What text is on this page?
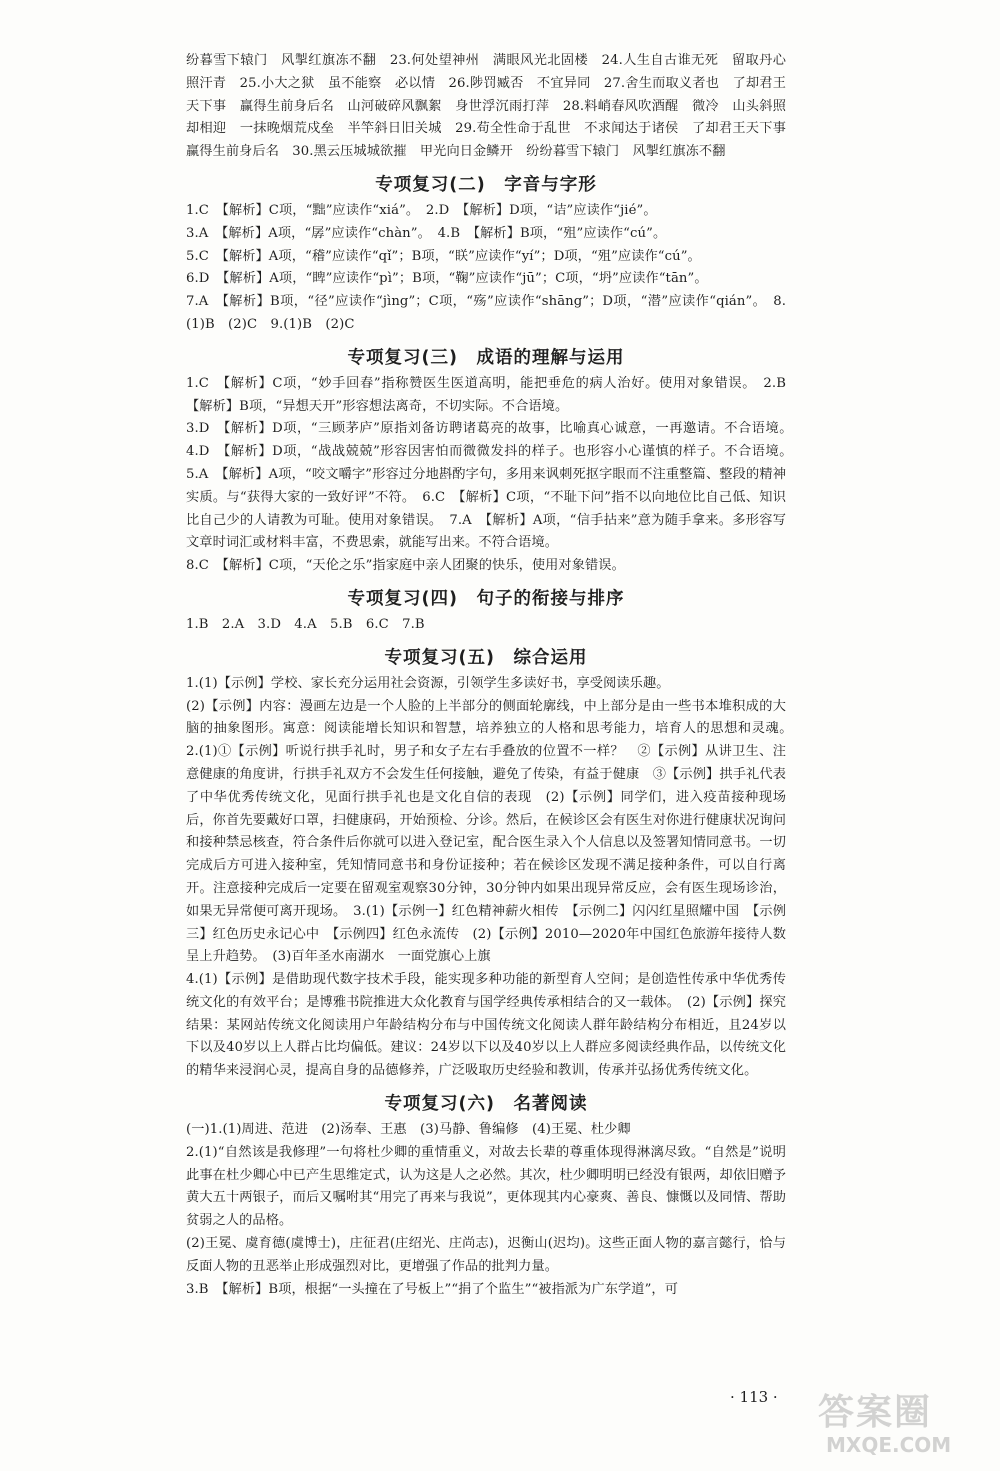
纷暮雪下辕门　风掣红旗冻不翻　23.何处望神州　满眼风光北固楼　24.人生自古谁无死　留取丹心照汗青　25.小大之狱　虽不能察　必以情　26.陟罚臧否　不宜异同　27.舍生而取义者也　了却君王天下事　赢得生前身后名　山河破碎风飘絮　身世浮沉雨打萍　28.料峭春风吹酒醒　微冷　山头斜照却相迎　一抹晚烟荒戍垒　半竿斜日旧关城　29.苟全性命于乱世　不求闻达于诸侯　了却君王天下事　赢得生前身后名　30.黑云压城城欲摧　甲光向日金鳞开　纷纷暮雪下辕门　风掣红旗冻不翻

专项复习(二)　字音与字形

1.C　【解析】C项，“黜”应读作“xiá”。　2.D　【解析】D项，“诘”应读作“jié”。

3.A　【解析】A项，“孱”应读作“chàn”。　4.B　【解析】B项，“殂”应读作“cú”。

5.C　【解析】A项，“稽”应读作“qǐ”；B项，“眹”应读作“yí”；D项，“殂”应读作“cú”。

6.D　【解析】A项，“睥”应读作“pì”；B项，“鞠”应读作“jū”；C项，“坍”应读作“tān”。

7.A　【解析】B项，“径”应读作“jìng”；C项，“殇”应读作“shāng”；D项，“潜”应读作“qián”。　8.(1)B　(2)C　9.(1)B　(2)C

专项复习(三)　成语的理解与运用

1.C　【解析】C项，“妙手回春”指称赞医生医道高明，能把垂危的病人治好。使用对象错误。　2.B　【解析】B项，“异想天开”形容想法离奇，不切实际。不合语境。

3.D　【解析】D项，“三顾茅庐”原指刘备访聘诸葛亮的故事，比喻真心诚意，一再邀请。不合语境。　4.D　【解析】D项，“战战兢兢”形容因害怕而微微发抖的样子。也形容小心谨慎的样子。不合语境。　5.A　【解析】A项，“咬文嚼字”形容过分地斟酌字句，多用来讽刺死抠字眼而不注重整篇、整段的精神实质。与“获得大家的一致好评”不符。　6.C　【解析】C项，“不耻下问”指不以向地位比自己低、知识比自己少的人请教为可耻。使用对象错误。　7.A　【解析】A项，“信手拈来”意为随手拿来。多形容写文章时词汇或材料丰富，不费思索，就能写出来。不符合语境。

8.C　【解析】C项，“天伦之乐”指家庭中亲人团聚的快乐，使用对象错误。

专项复习(四)　句子的衔接与排序

1.B　2.A　3.D　4.A　5.B　6.C　7.B

专项复习(五)　综合运用

1.(1)【示例】学校、家长充分运用社会资源，引领学生多读好书，享受阅读乐趣。

(2)【示例】内容：漫画左边是一个人脸的上半部分的侧面轮廓线，中上部分是由一些书本堆积成的大脑的抽象图形。寓意：阅读能增长知识和智慧，培养独立的人格和思考能力，培育人的思想和灵魂。　2.(1)①【示例】听说行拱手礼时，男子和女子左右手叠放的位置不一样？　②【示例】从讲卫生、注意健康的角度讲，行拱手礼双方不会发生任何接触，避免了传染，有益于健康　③【示例】拱手礼代表了中华优秀传统文化，见面行拱手礼也是文化自信的表现　(2)【示例】同学们，进入疫苗接种现场后，你首先要戴好口罩，扫健康码，开始预检、分诊。然后，在候诊区会有医生对你进行健康状况询问和接种禁忌核查，符合条件后你就可以进入登记室，配合医生录入个人信息以及签署知情同意书。一切完成后方可进入接种室，凭知情同意书和身份证接种；若在候诊区发现不满足接种条件，可以自行离开。注意接种完成后一定要在留观室观察30分钟，30分钟内如果出现异常反应，会有医生现场诊治，如果无异常便可离开现场。　3.(1)【示例一】红色精神薪火相传　【示例二】闪闪红星照耀中国　【示例三】红色历史永记心中　【示例四】红色永流传　(2)【示例】2010—2020年中国红色旅游年接待人数呈上升趋势。　(3)百年圣水南湖水　一面党旗心上旗

4.(1)【示例】是借助现代数字技术手段，能实现多种功能的新型育人空间；是创造性传承中华优秀传统文化的有效平台；是博雅书院推进大众化教育与国学经典传承相结合的又一载体。　(2)【示例】探究结果：某网站传统文化阅读用户年龄结构分布与中国传统文化阅读人群年龄结构分布相近，且24岁以下以及40岁以上人群占比均偏低。建议：24岁以下以及40岁以上人群应多阅读经典作品，以传统文化的精华来浸润心灵，提高自身的品德修养，广泛吸取历史经验和教训，传承并弘扬优秀传统文化。

专项复习(六)　名著阅读

(一)1.(1)周进、范进　(2)汤奉、王惠　(3)马静、鲁编修　(4)王冕、杜少卿

2.(1)“自然该是我修理”一句将杜少卿的重情重义，对故去长辈的尊重体现得淋漓尽致。“自然是”说明此事在杜少卿心中已产生思维定式，认为这是人之必然。其次，杜少卿明明已经没有银两，却依旧赠予黄大五十两银子，而后又嘱咐其“用完了再来与我说”，更体现其内心豪爽、善良、慷慨以及同情、帮助贫弱之人的品格。

(2)王冕、虞育德(虞博士)，庄征君(庄绍光、庄尚志)，迟衡山(迟均)。这些正面人物的嘉言懿行，恰与反面人物的丑恶举止形成强烈对比，更增强了作品的批判力量。

3.B　【解析】B项，根据“一头撞在了号板上”“捐了个监生”“被指派为广东学道”，可

· 113 · 答案圈
MXQE.COM
